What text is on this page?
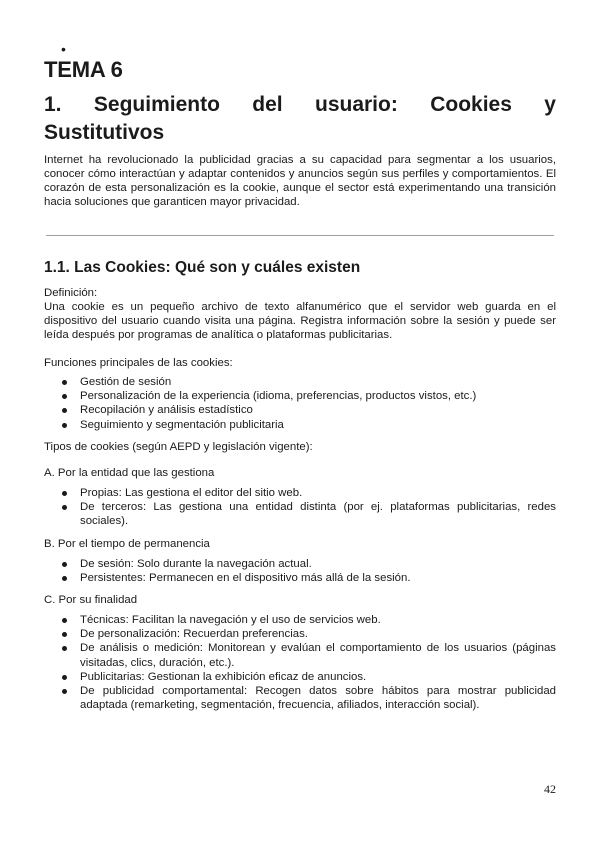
•
TEMA 6
1. Seguimiento del usuario: Cookies y
Sustitutivos

Internet ha revolucionado la publicidad gracias a su capacidad para segmentar a los usuarios, conocer cómo interactúan y adaptar contenidos y anuncios según sus perfiles y comportamientos. El corazón de esta personalización es la cookie, aunque el sector está experimentando una transición hacia soluciones que garanticen mayor privacidad.

1.1. Las Cookies: Qué son y cuáles existen

Definición:

Una cookie es un pequeño archivo de texto alfanumérico que el servidor web guarda en el dispositivo del usuario cuando visita una página. Registra información sobre la sesión y puede ser leída después por programas de analítica o plataformas publicitarias.

Funciones principales de las cookies:

Gestión de sesión
Personalización de la experiencia (idioma, preferencias, productos vistos, etc.)
Recopilación y análisis estadístico
Seguimiento y segmentación publicitaria

Tipos de cookies (según AEPD y legislación vigente):

A. Por la entidad que las gestiona

Propias: Las gestiona el editor del sitio web.
De terceros: Las gestiona una entidad distinta (por ej. plataformas publicitarias, redes sociales).

B. Por el tiempo de permanencia

De sesión: Solo durante la navegación actual.
Persistentes: Permanecen en el dispositivo más allá de la sesión.

C. Por su finalidad

Técnicas: Facilitan la navegación y el uso de servicios web.
De personalización: Recuerdan preferencias.
De análisis o medición: Monitorean y evalúan el comportamiento de los usuarios (páginas visitadas, clics, duración, etc.).
Publicitarias: Gestionan la exhibición eficaz de anuncios.
De publicidad comportamental: Recogen datos sobre hábitos para mostrar publicidad adaptada (remarketing, segmentación, frecuencia, afiliados, interacción social).
42
